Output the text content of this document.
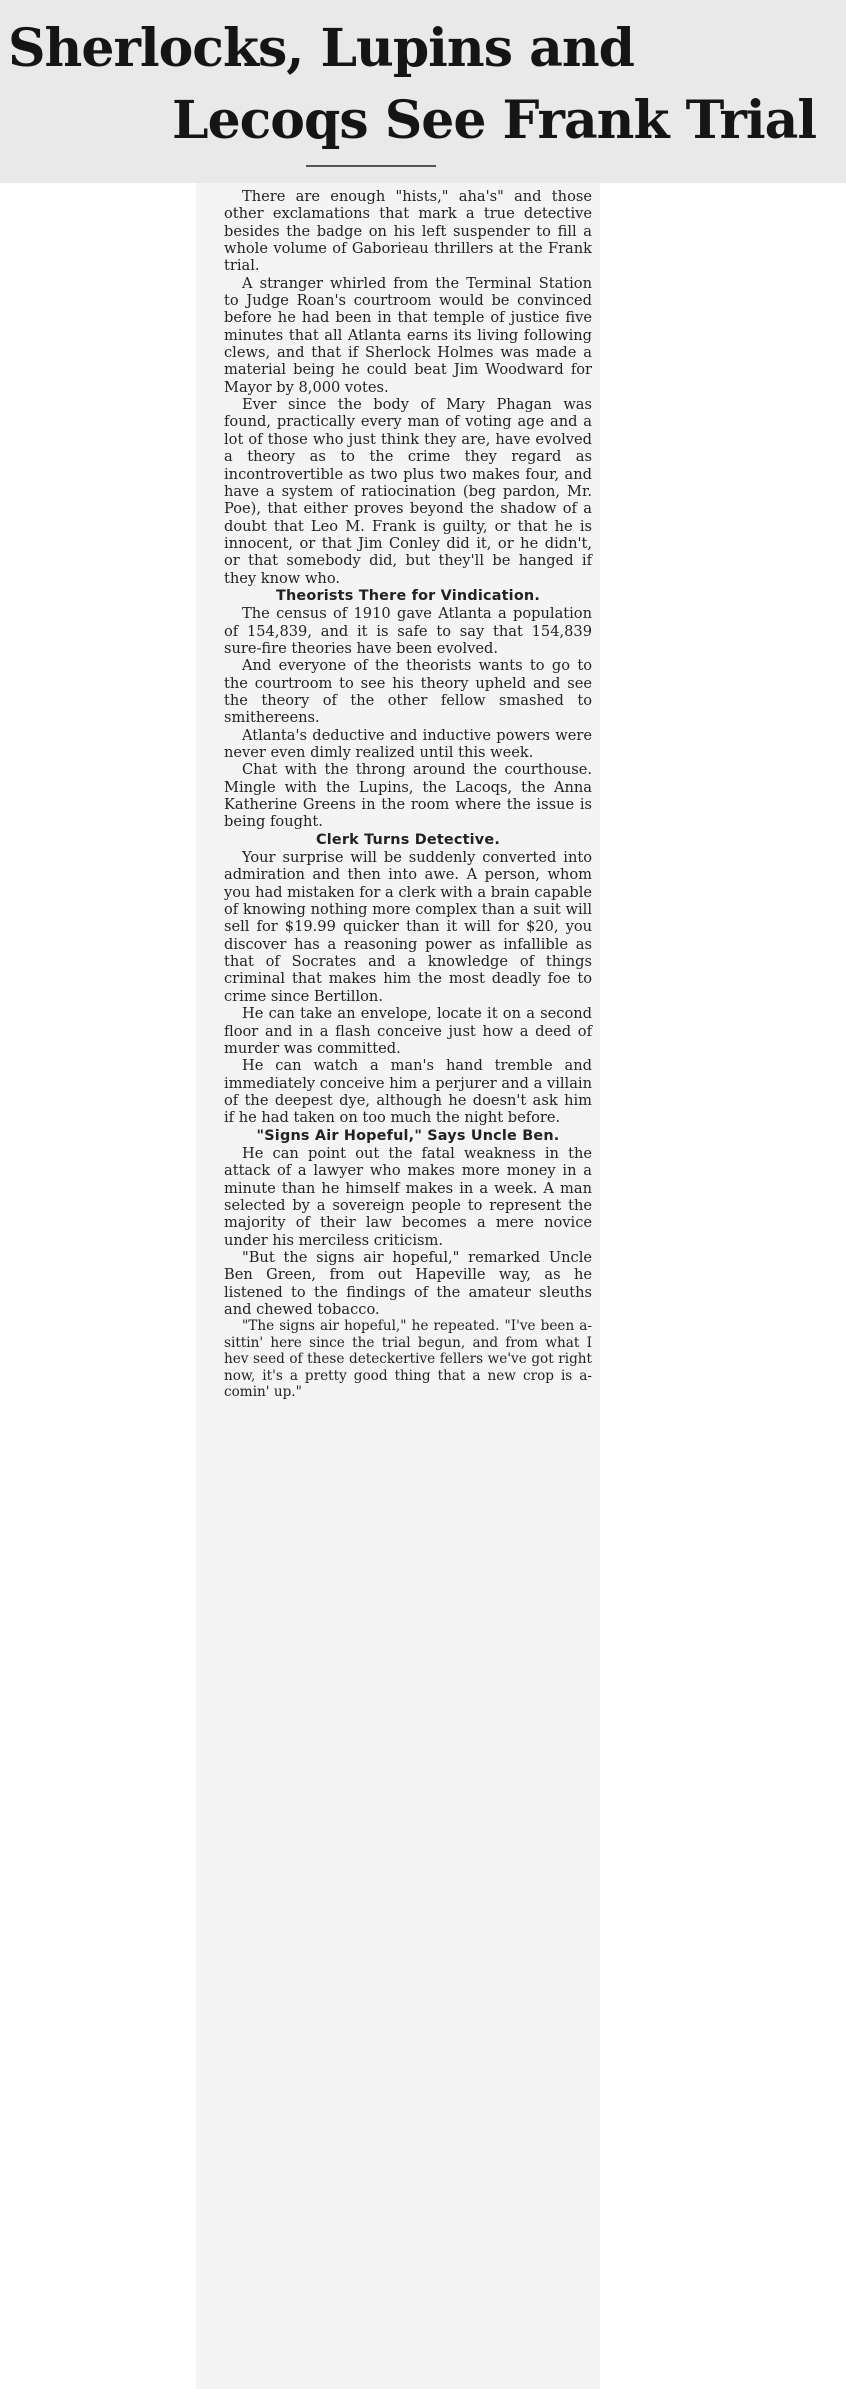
Sherlocks, Lupins and
Lecoqs See Frank Trial

There are enough "hists," aha's" and those other exclamations that mark a true detective besides the badge on his left suspender to fill a whole volume of Gaborieau thrillers at the Frank trial.

A stranger whirled from the Terminal Station to Judge Roan's courtroom would be convinced before he had been in that temple of justice five minutes that all Atlanta earns its living following clews, and that if Sherlock Holmes was made a material being he could beat Jim Woodward for Mayor by 8,000 votes.

Ever since the body of Mary Phagan was found, practically every man of voting age and a lot of those who just think they are, have evolved a theory as to the crime they regard as incontrovertible as two plus two makes four, and have a system of ratiocination (beg pardon, Mr. Poe), that either proves beyond the shadow of a doubt that Leo M. Frank is guilty, or that he is innocent, or that Jim Conley did it, or he didn't, or that somebody did, but they'll be hanged if they know who.

Theorists There for Vindication.

The census of 1910 gave Atlanta a population of 154,839, and it is safe to say that 154,839 sure-fire theories have been evolved.

And everyone of the theorists wants to go to the courtroom to see his theory upheld and see the theory of the other fellow smashed to smithereens.

Atlanta's deductive and inductive powers were never even dimly realized until this week.

Chat with the throng around the courthouse. Mingle with the Lupins, the Lacoqs, the Anna Katherine Greens in the room where the issue is being fought.

Clerk Turns Detective.

Your surprise will be suddenly converted into admiration and then into awe. A person, whom you had mistaken for a clerk with a brain capable of knowing nothing more complex than a suit will sell for $19.99 quicker than it will for $20, you discover has a reasoning power as infallible as that of Socrates and a knowledge of things criminal that makes him the most deadly foe to crime since Bertillon.

He can take an envelope, locate it on a second floor and in a flash conceive just how a deed of murder was committed.

He can watch a man's hand tremble and immediately conceive him a perjurer and a villain of the deepest dye, although he doesn't ask him if he had taken on too much the night before.

"Signs Air Hopeful," Says Uncle Ben.

He can point out the fatal weakness in the attack of a lawyer who makes more money in a minute than he himself makes in a week. A man selected by a sovereign people to represent the majority of their law becomes a mere novice under his merciless criticism.

"But the signs air hopeful," remarked Uncle Ben Green, from out Hapeville way, as he listened to the findings of the amateur sleuths and chewed tobacco.

"The signs air hopeful," he repeated. "I've been a-sittin' here since the trial begun, and from what I hev seed of these deteckertive fellers we've got right now, it's a pretty good thing that a new crop is a-comin' up."
